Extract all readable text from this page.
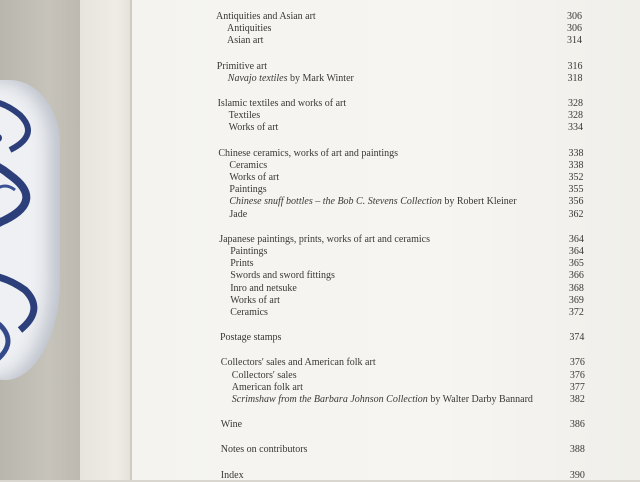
Antiquities and Asian art	306
Antiquities	306
Asian art	314
Primitive art	316
Navajo textiles by Mark Winter	318
Islamic textiles and works of art	328
Textiles	328
Works of art	334
Chinese ceramics, works of art and paintings	338
Ceramics	338
Works of art	352
Paintings	355
Chinese snuff bottles – the Bob C. Stevens Collection by Robert Kleiner	356
Jade	362
Japanese paintings, prints, works of art and ceramics	364
Paintings	364
Prints	365
Swords and sword fittings	366
Inro and netsuke	368
Works of art	369
Ceramics	372
Postage stamps	374
Collectors' sales and American folk art	376
Collectors' sales	376
American folk art	377
Scrimshaw from the Barbara Johnson Collection by Walter Darby Bannard	382
Wine	386
Notes on contributors	388
Index	390
